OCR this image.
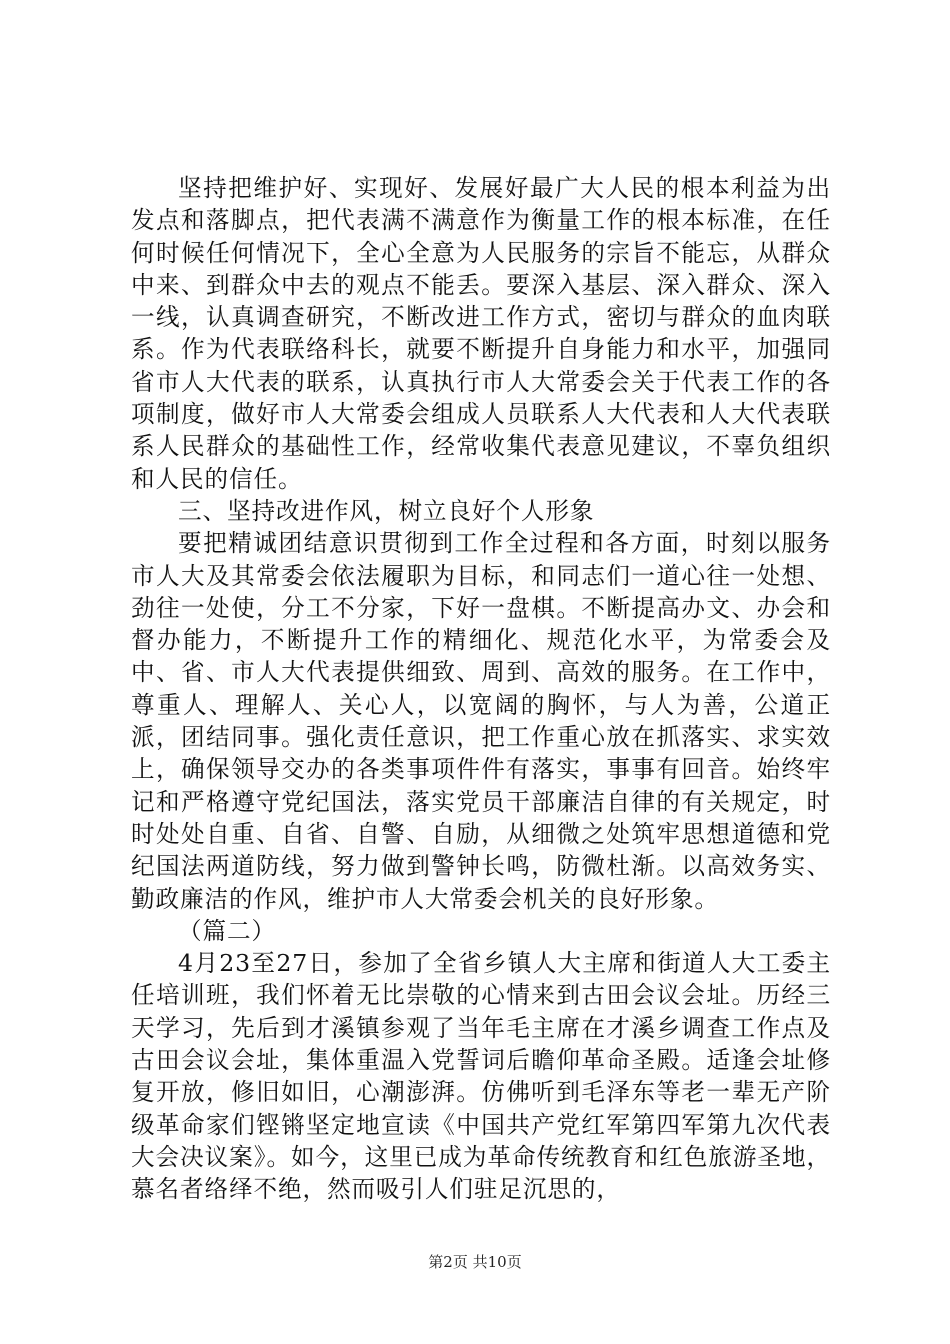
坚持把维护好、实现好、发展好最广大人民的根本利益为出发点和落脚点，把代表满不满意作为衡量工作的根本标准，在任何时候任何情况下，全心全意为人民服务的宗旨不能忘，从群众中来、到群众中去的观点不能丢。要深入基层、深入群众、深入一线，认真调查研究，不断改进工作方式，密切与群众的血肉联系。作为代表联络科长，就要不断提升自身能力和水平，加强同省市人大代表的联系，认真执行市人大常委会关于代表工作的各项制度，做好市人大常委会组成人员联系人大代表和人大代表联系人民群众的基础性工作，经常收集代表意见建议，不辜负组织和人民的信任。

三、坚持改进作风，树立良好个人形象

要把精诚团结意识贯彻到工作全过程和各方面，时刻以服务市人大及其常委会依法履职为目标，和同志们一道心往一处想、劲往一处使，分工不分家，下好一盘棋。不断提高办文、办会和督办能力，不断提升工作的精细化、规范化水平，为常委会及中、省、市人大代表提供细致、周到、高效的服务。在工作中，尊重人、理解人、关心人，以宽阔的胸怀，与人为善，公道正派，团结同事。强化责任意识，把工作重心放在抓落实、求实效上，确保领导交办的各类事项件件有落实，事事有回音。始终牢记和严格遵守党纪国法，落实党员干部廉洁自律的有关规定，时时处处自重、自省、自警、自励，从细微之处筑牢思想道德和党纪国法两道防线，努力做到警钟长鸣，防微杜渐。以高效务实、勤政廉洁的作风，维护市人大常委会机关的良好形象。

（篇二）

4月23至27日，参加了全省乡镇人大主席和街道人大工委主任培训班，我们怀着无比崇敬的心情来到古田会议会址。历经三天学习，先后到才溪镇参观了当年毛主席在才溪乡调查工作点及古田会议会址，集体重温入党誓词后瞻仰革命圣殿。适逢会址修复开放，修旧如旧，心潮澎湃。仿佛听到毛泽东等老一辈无产阶级革命家们铿锵坚定地宣读《中国共产党红军第四军第九次代表大会决议案》。如今，这里已成为革命传统教育和红色旅游圣地，慕名者络绎不绝，然而吸引人们驻足沉思的，

第2页 共10页
